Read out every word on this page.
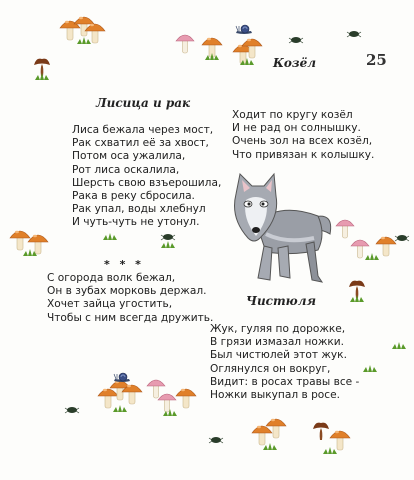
25
Лисица и рак
Лиса бежала через мост,
Рак схватил её за хвост,
Потом оса ужалила,
Рот лиса оскалила,
Шерсть свою взъерошила,
Рака в реку сбросила.
Рак упал, воды хлебнул
И чуть-чуть не утонул.
Козёл
Ходит по кругу козёл
И не рад он солнышку.
Очень зол на всех козёл,
Что привязан к колышку.
* * *
С огорода волк бежал,
Он в зубах морковь держал.
Хочет зайца угостить,
Чтобы с ним всегда дружить.
Чистюля
Жук, гуляя по дорожке,
В грязи измазал ножки.
Был чистюлей этот жук.
Оглянулся он вокруг,
Видит: в росах травы все -
Ножки выкупал в росе.
